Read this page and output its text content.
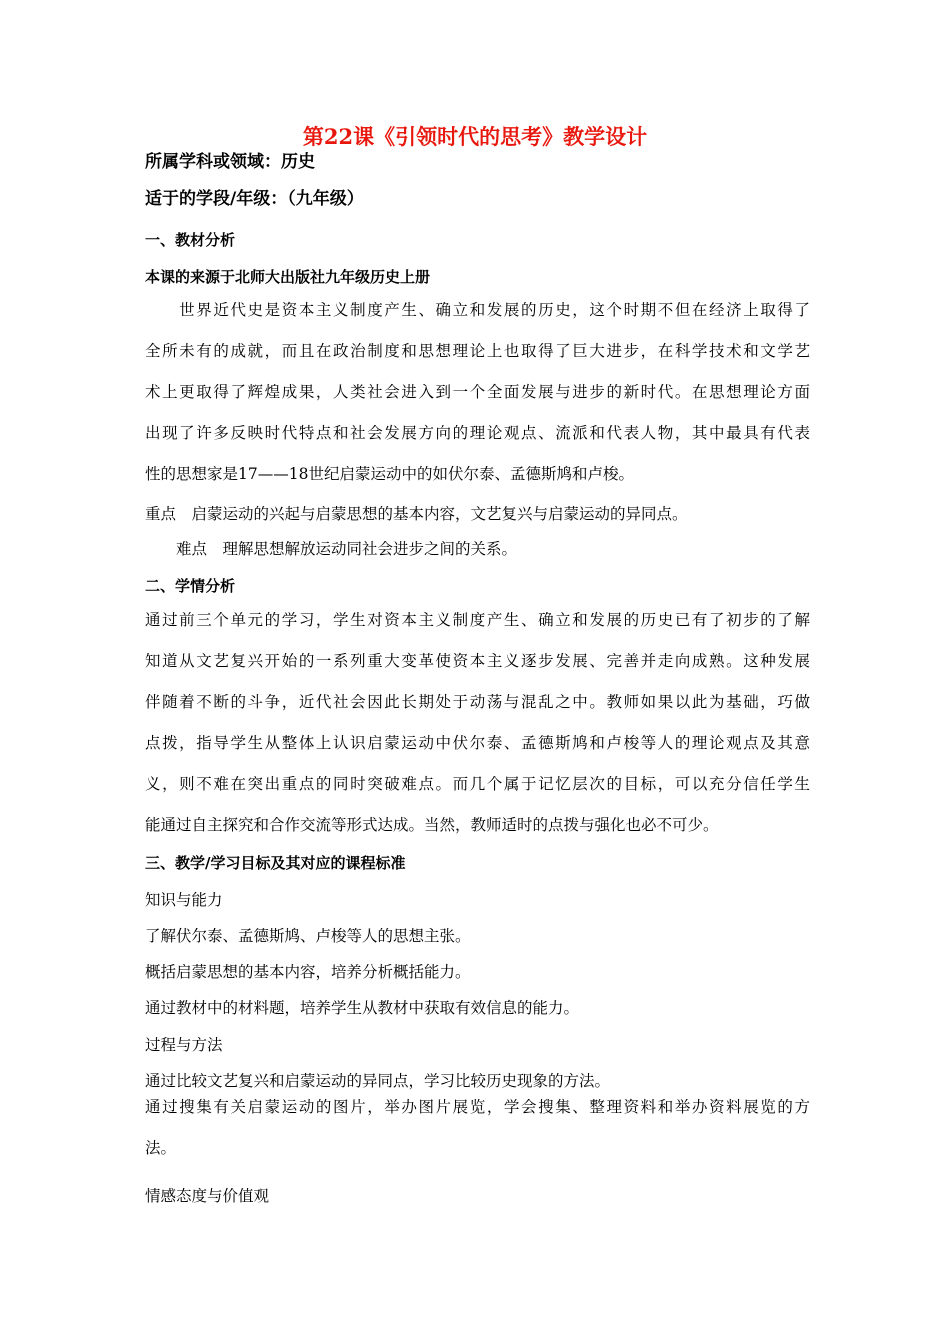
第22课《引领时代的思考》教学设计
所属学科或领域：历史
适于的学段/年级：（九年级）
一、教材分析
本课的来源于北师大出版社九年级历史上册
　　世界近代史是资本主义制度产生、确立和发展的历史，这个时期不但在经济上取得了
全所未有的成就，而且在政治制度和思想理论上也取得了巨大进步，在科学技术和文学艺
术上更取得了辉煌成果，人类社会进入到一个全面发展与进步的新时代。在思想理论方面
出现了许多反映时代特点和社会发展方向的理论观点、流派和代表人物，其中最具有代表
性的思想家是17——18世纪启蒙运动中的如伏尔泰、孟德斯鸠和卢梭。
重点　启蒙运动的兴起与启蒙思想的基本内容，文艺复兴与启蒙运动的异同点。
　　难点　理解思想解放运动同社会进步之间的关系。
二、学情分析
通过前三个单元的学习，学生对资本主义制度产生、确立和发展的历史已有了初步的了解
知道从文艺复兴开始的一系列重大变革使资本主义逐步发展、完善并走向成熟。这种发展
伴随着不断的斗争，近代社会因此长期处于动荡与混乱之中。教师如果以此为基础，巧做
点拨，指导学生从整体上认识启蒙运动中伏尔泰、孟德斯鸠和卢梭等人的理论观点及其意
义，则不难在突出重点的同时突破难点。而几个属于记忆层次的目标，可以充分信任学生
能通过自主探究和合作交流等形式达成。当然，教师适时的点拨与强化也必不可少。
三、教学/学习目标及其对应的课程标准
知识与能力
了解伏尔泰、孟德斯鸠、卢梭等人的思想主张。
概括启蒙思想的基本内容，培养分析概括能力。
通过教材中的材料题，培养学生从教材中获取有效信息的能力。
过程与方法
通过比较文艺复兴和启蒙运动的异同点，学习比较历史现象的方法。
通过搜集有关启蒙运动的图片，举办图片展览，学会搜集、整理资料和举办资料展览的方
法。
情感态度与价值观
